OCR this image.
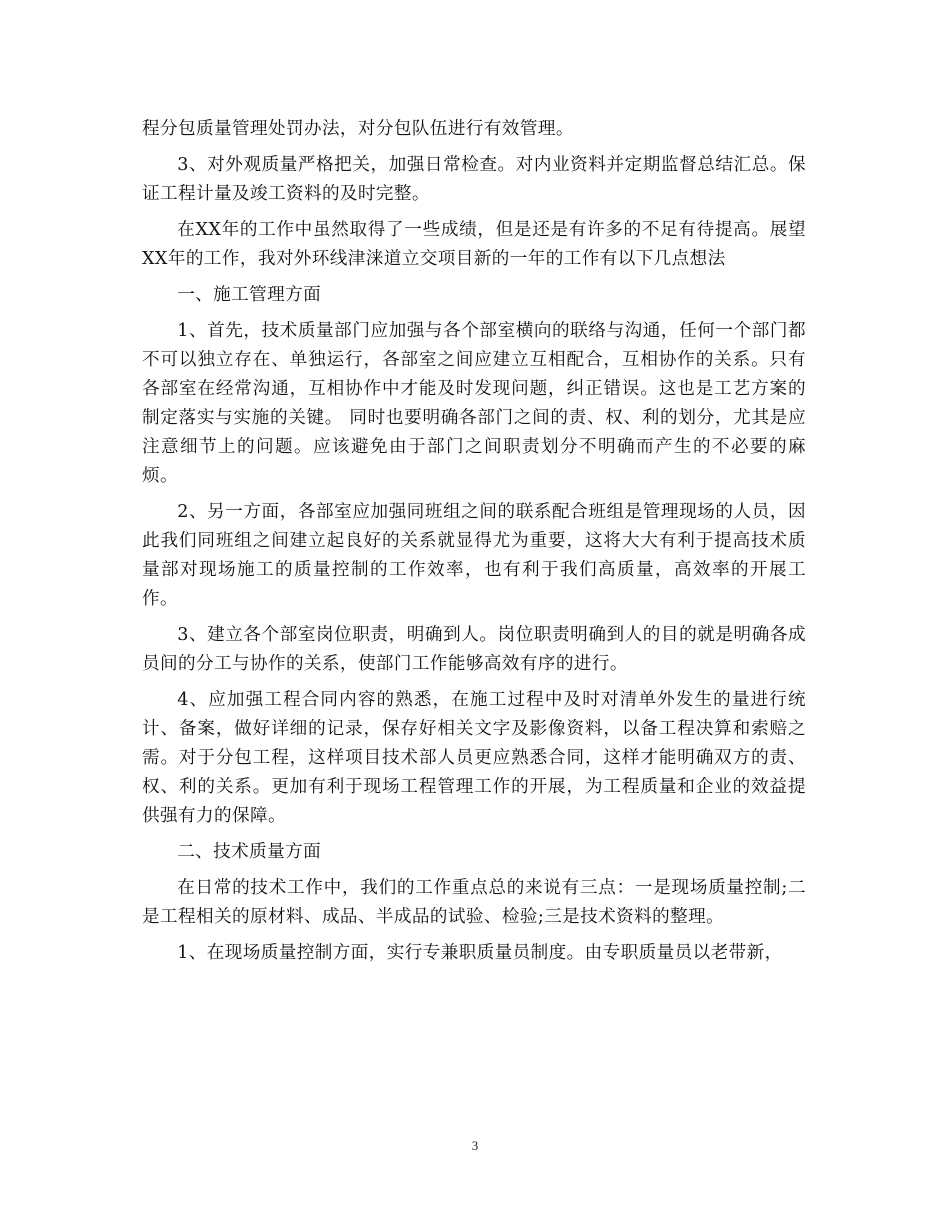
程分包质量管理处罚办法，对分包队伍进行有效管理。

3、对外观质量严格把关，加强日常检查。对内业资料并定期监督总结汇总。保证工程计量及竣工资料的及时完整。

在XX年的工作中虽然取得了一些成绩，但是还是有许多的不足有待提高。展望XX年的工作，我对外环线津涞道立交项目新的一年的工作有以下几点想法

一、施工管理方面

1、首先，技术质量部门应加强与各个部室横向的联络与沟通，任何一个部门都不可以独立存在、单独运行，各部室之间应建立互相配合，互相协作的关系。只有各部室在经常沟通，互相协作中才能及时发现问题，纠正错误。这也是工艺方案的制定落实与实施的关键。 同时也要明确各部门之间的责、权、利的划分，尤其是应注意细节上的问题。应该避免由于部门之间职责划分不明确而产生的不必要的麻烦。

2、另一方面，各部室应加强同班组之间的联系配合班组是管理现场的人员，因此我们同班组之间建立起良好的关系就显得尤为重要，这将大大有利于提高技术质量部对现场施工的质量控制的工作效率，也有利于我们高质量，高效率的开展工作。

3、建立各个部室岗位职责，明确到人。岗位职责明确到人的目的就是明确各成员间的分工与协作的关系，使部门工作能够高效有序的进行。

4、应加强工程合同内容的熟悉，在施工过程中及时对清单外发生的量进行统计、备案，做好详细的记录，保存好相关文字及影像资料，以备工程决算和索赔之需。对于分包工程，这样项目技术部人员更应熟悉合同，这样才能明确双方的责、权、利的关系。更加有利于现场工程管理工作的开展，为工程质量和企业的效益提供强有力的保障。

二、技术质量方面

在日常的技术工作中，我们的工作重点总的来说有三点：一是现场质量控制;二是工程相关的原材料、成品、半成品的试验、检验;三是技术资料的整理。

1、在现场质量控制方面，实行专兼职质量员制度。由专职质量员以老带新，

3
